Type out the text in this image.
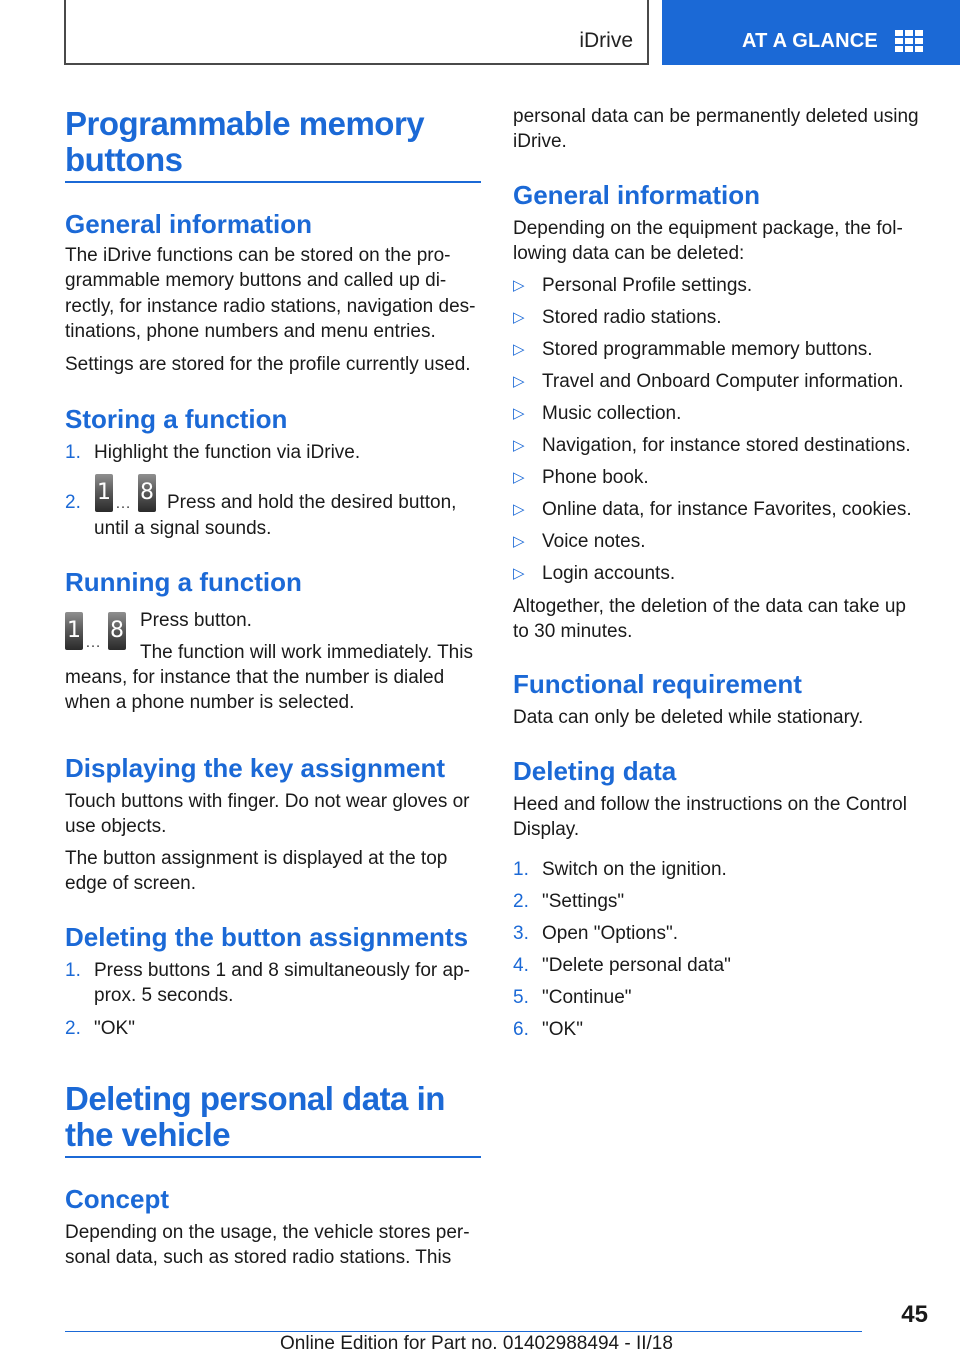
iDrive	AT A GLANCE
Programmable memory
buttons
General information
The iDrive functions can be stored on the pro‐
grammable memory buttons and called up di‐
rectly, for instance radio stations, navigation des‐
tinations, phone numbers and menu entries.
Settings are stored for the profile currently used.
Storing a function
1. Highlight the function via iDrive.
2. 1 … 8 Press and hold the desired button,
until a signal sounds.
Running a function
1 … 8 Press button.
The function will work immediately. This
means, for instance that the number is dialed
when a phone number is selected.
Displaying the key assignment
Touch buttons with finger. Do not wear gloves or
use objects.
The button assignment is displayed at the top
edge of screen.
Deleting the button assignments
1. Press buttons 1 and 8 simultaneously for ap‐
prox. 5 seconds.
2. "OK"
Deleting personal data in
the vehicle
Concept
Depending on the usage, the vehicle stores per‐
sonal data, such as stored radio stations. This
personal data can be permanently deleted using
iDrive.
General information
Depending on the equipment package, the fol‐
lowing data can be deleted:
▷ Personal Profile settings.
▷ Stored radio stations.
▷ Stored programmable memory buttons.
▷ Travel and Onboard Computer information.
▷ Music collection.
▷ Navigation, for instance stored destinations.
▷ Phone book.
▷ Online data, for instance Favorites, cookies.
▷ Voice notes.
▷ Login accounts.
Altogether, the deletion of the data can take up
to 30 minutes.
Functional requirement
Data can only be deleted while stationary.
Deleting data
Heed and follow the instructions on the Control
Display.
1. Switch on the ignition.
2. "Settings"
3. Open "Options".
4. "Delete personal data"
5. "Continue"
6. "OK"
45
Online Edition for Part no. 01402988494 - II/18
